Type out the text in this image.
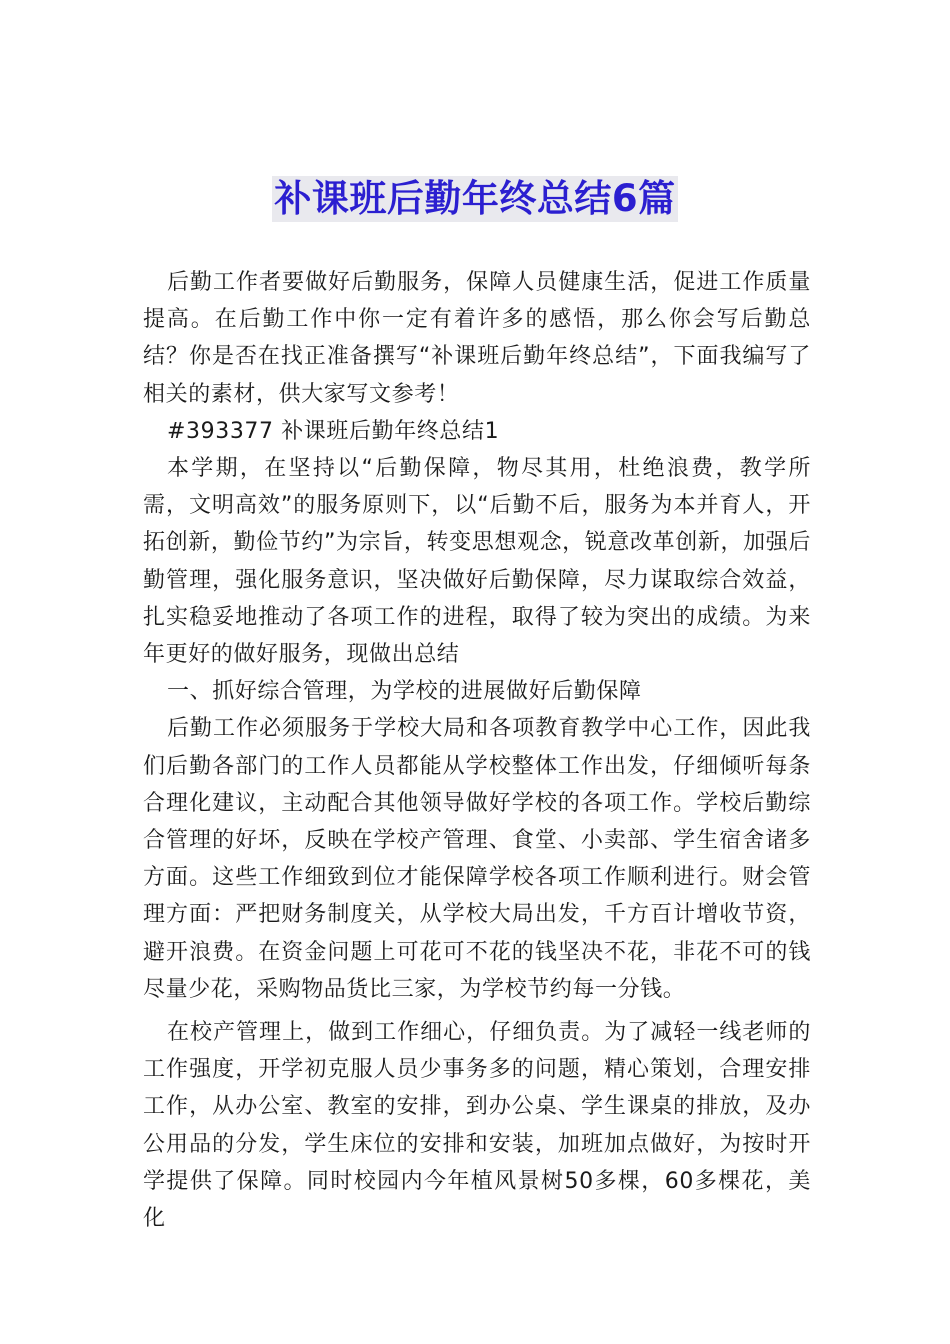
补课班后勤年终总结6篇

后勤工作者要做好后勤服务，保障人员健康生活，促进工作质量提高。在后勤工作中你一定有着许多的感悟，那么你会写后勤总结？你是否在找正准备撰写“补课班后勤年终总结”，下面我编写了相关的素材，供大家写文参考！

#393377 补课班后勤年终总结1

本学期，在坚持以“后勤保障，物尽其用，杜绝浪费，教学所需，文明高效”的服务原则下，以“后勤不后，服务为本并育人，开拓创新，勤俭节约”为宗旨，转变思想观念，锐意改革创新，加强后勤管理，强化服务意识，坚决做好后勤保障，尽力谋取综合效益，扎实稳妥地推动了各项工作的进程，取得了较为突出的成绩。为来年更好的做好服务，现做出总结

一、抓好综合管理，为学校的进展做好后勤保障

后勤工作必须服务于学校大局和各项教育教学中心工作，因此我们后勤各部门的工作人员都能从学校整体工作出发，仔细倾听每条合理化建议，主动配合其他领导做好学校的各项工作。学校后勤综合管理的好坏，反映在学校产管理、食堂、小卖部、学生宿舍诸多方面。这些工作细致到位才能保障学校各项工作顺利进行。财会管理方面：严把财务制度关，从学校大局出发，千方百计增收节资，避开浪费。在资金问题上可花可不花的钱坚决不花，非花不可的钱尽量少花，采购物品货比三家，为学校节约每一分钱。

在校产管理上，做到工作细心，仔细负责。为了减轻一线老师的工作强度，开学初克服人员少事务多的问题，精心策划，合理安排工作，从办公室、教室的安排，到办公桌、学生课桌的排放，及办公用品的分发，学生床位的安排和安装，加班加点做好，为按时开学提供了保障。同时校园内今年植风景树50多棵，60多棵花，美化
